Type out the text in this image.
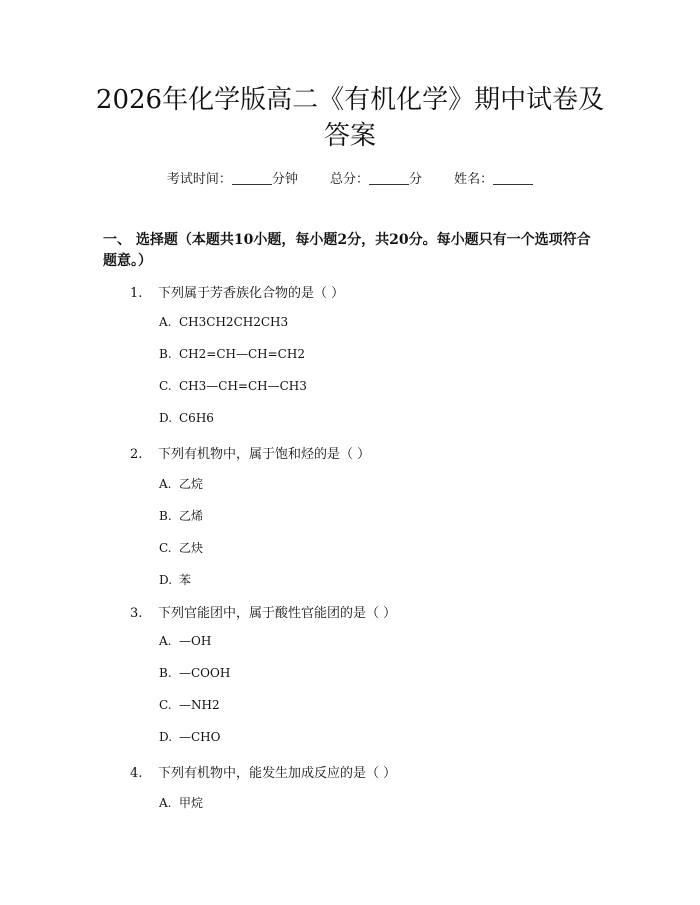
2026年化学版高二《有机化学》期中试卷及
答案
考试时间：	分钟 总分：	分 姓名：
一、 选择题（本题共10小题，每小题2分，共20分。每小题只有一个选项符合
题意。）
1. 下列属于芳香族化合物的是（ ）
A. CH3CH2CH2CH3
B. CH2=CH—CH=CH2
C. CH3—CH=CH—CH3
D. C6H6
2. 下列有机物中，属于饱和烃的是（ ）
A. 乙烷
B. 乙烯
C. 乙炔
D. 苯
3. 下列官能团中，属于酸性官能团的是（ ）
A. —OH
B. —COOH
C. —NH2
D. —CHO
4. 下列有机物中，能发生加成反应的是（ ）
A. 甲烷
